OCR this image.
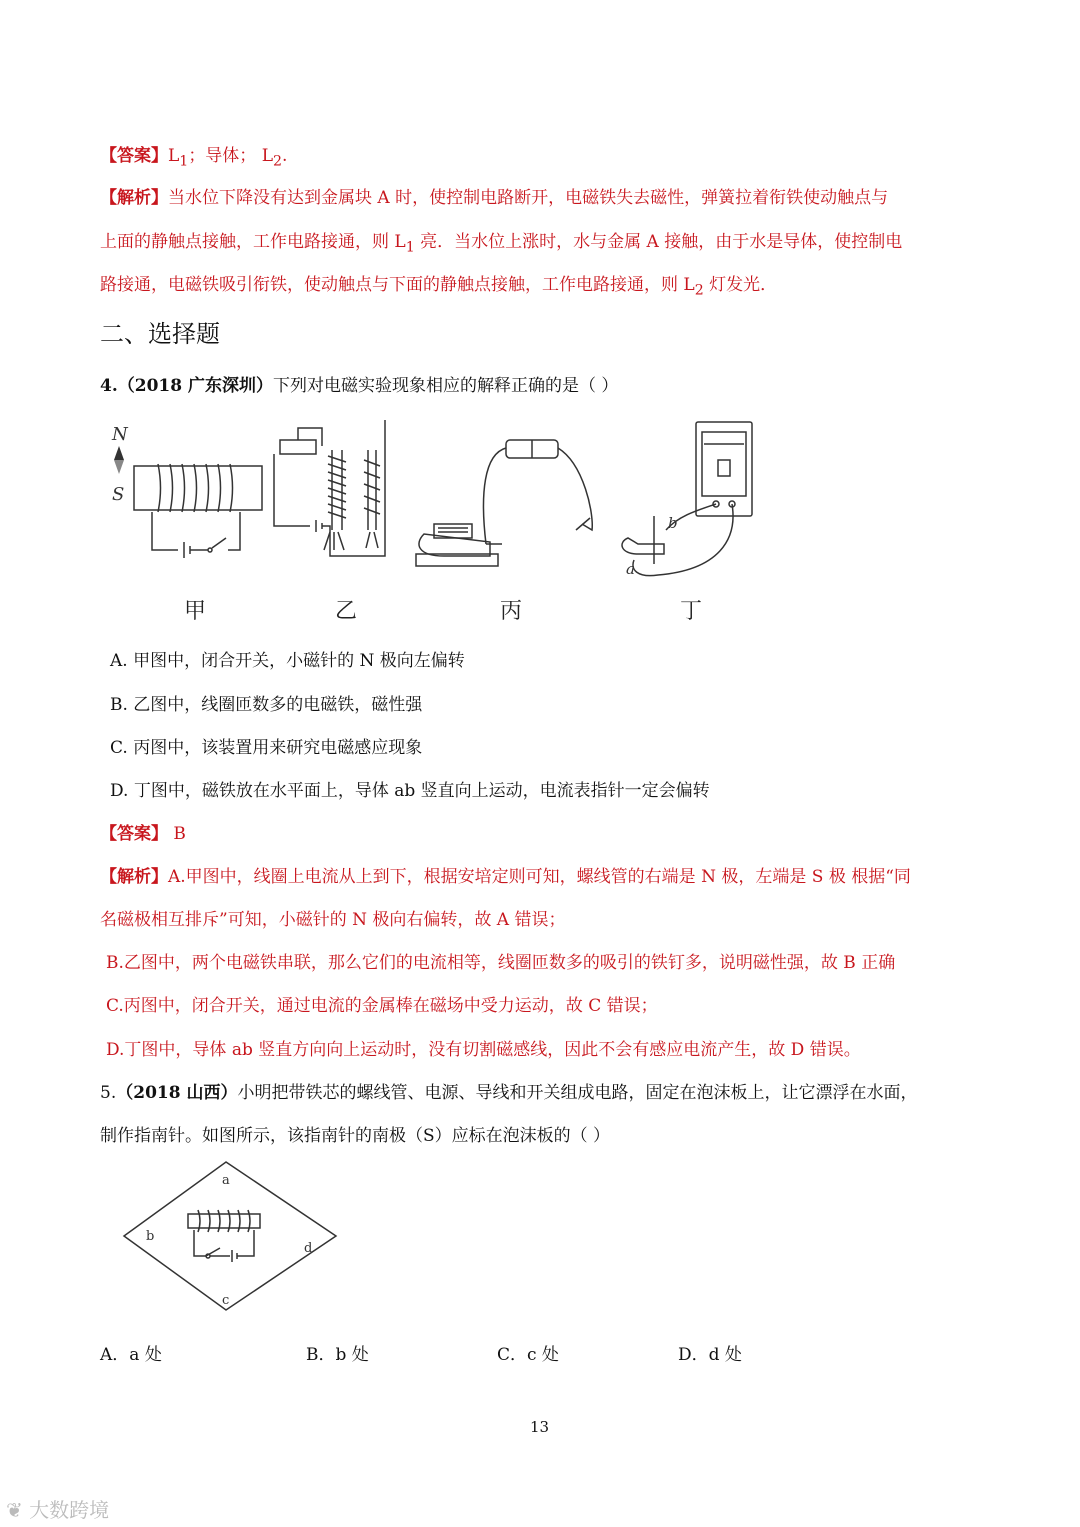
【答案】$L_1$；导体； $L_2$.
【解析】当水位下降没有达到金属块 A 时，使控制电路断开，电磁铁失去磁性，弹簧拉着衔铁使动触点与
上面的静触点接触，工作电路接通，则 $L_1$ 亮．当水位上涨时，水与金属 A 接触，由于水是导体，使控制电
路接通，电磁铁吸引衔铁，使动触点与下面的静触点接触，工作电路接通，则 $L_2$ 灯发光．
二、选择题
4.（2018 广东深圳）下列对电磁实验现象相应的解释正确的是（ ）
N
S
甲	乙	丙
b
a
丁
A. 甲图中，闭合开关，小磁针的 N 极向左偏转
B. 乙图中，线圈匝数多的电磁铁，磁性强
C. 丙图中，该装置用来研究电磁感应现象
D. 丁图中，磁铁放在水平面上，导体 ab 竖直向上运动，电流表指针一定会偏转
【答案】 B
【解析】A.甲图中，线圈上电流从上到下，根据安培定则可知，螺线管的右端是 N 极，左端是 S 极 根据“同
名磁极相互排斥”可知，小磁针的 N 极向右偏转，故 A 错误；
B.乙图中，两个电磁铁串联，那么它们的电流相等，线圈匝数多的吸引的铁钉多，说明磁性强，故 B 正确
C.丙图中，闭合开关，通过电流的金属棒在磁场中受力运动，故 C 错误；
D.丁图中，导体 ab 竖直方向向上运动时，没有切割磁感线，因此不会有感应电流产生，故 D 错误。
5.（2018 山西）小明把带铁芯的螺线管、电源、导线和开关组成电路，固定在泡沫板上，让它漂浮在水面，
制作指南针。如图所示，该指南针的南极（S）应标在泡沫板的（ ）
a
b
c
d
A．a 处	B．b 处	C．c 处	D．d 处
13
❦ 大数跨境
